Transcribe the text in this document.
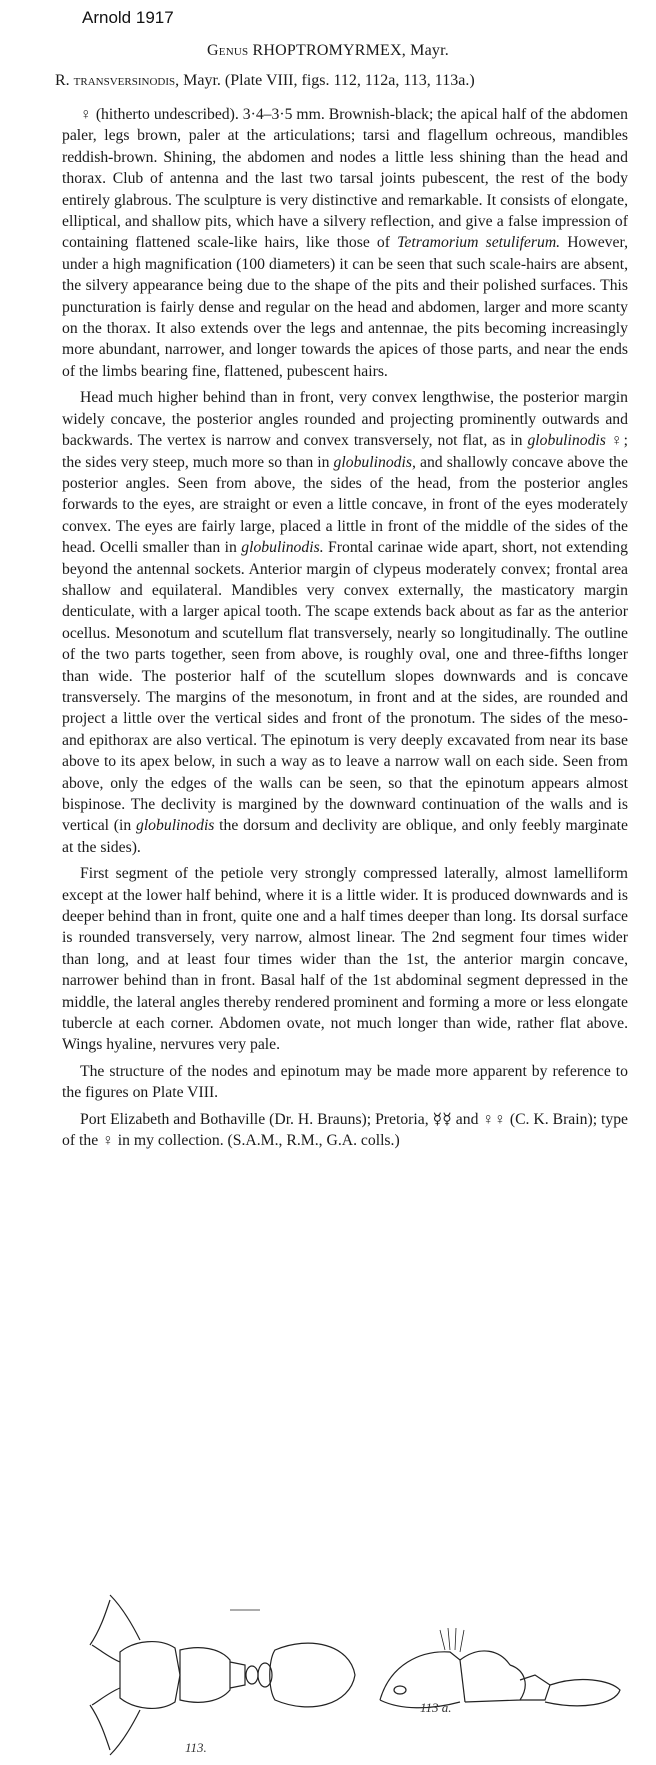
Arnold 1917
Genus RHOPTROMYRMEX, Mayr.
R. transversinodis, Mayr. (Plate VIII, figs. 112, 112a, 113, 113a.)

♀ (hitherto undescribed). 3·4–3·5 mm. Brownish-black; the apical half of the abdomen paler, legs brown, paler at the articulations; tarsi and flagellum ochreous, mandibles reddish-brown. Shining, the abdomen and nodes a little less shining than the head and thorax. Club of antenna and the last two tarsal joints pubescent, the rest of the body entirely glabrous. The sculpture is very distinctive and remarkable. It consists of elongate, elliptical, and shallow pits, which have a silvery reflection, and give a false impression of containing flattened scale-like hairs, like those of Tetramorium setuliferum. However, under a high magnification (100 diameters) it can be seen that such scale-hairs are absent, the silvery appearance being due to the shape of the pits and their polished surfaces. This puncturation is fairly dense and regular on the head and abdomen, larger and more scanty on the thorax. It also extends over the legs and antennae, the pits becoming increasingly more abundant, narrower, and longer towards the apices of those parts, and near the ends of the limbs bearing fine, flattened, pubescent hairs.

Head much higher behind than in front, very convex lengthwise, the posterior margin widely concave, the posterior angles rounded and projecting prominently outwards and backwards. The vertex is narrow and convex transversely, not flat, as in globulinodis ♀; the sides very steep, much more so than in globulinodis, and shallowly concave above the posterior angles. Seen from above, the sides of the head, from the posterior angles forwards to the eyes, are straight or even a little concave, in front of the eyes moderately convex. The eyes are fairly large, placed a little in front of the middle of the sides of the head. Ocelli smaller than in globulinodis. Frontal carinae wide apart, short, not extending beyond the antennal sockets. Anterior margin of clypeus moderately convex; frontal area shallow and equilateral. Mandibles very convex externally, the masticatory margin denticulate, with a larger apical tooth. The scape extends back about as far as the anterior ocellus. Mesonotum and scutellum flat transversely, nearly so longitudinally. The outline of the two parts together, seen from above, is roughly oval, one and three-fifths longer than wide. The posterior half of the scutellum slopes downwards and is concave transversely. The margins of the mesonotum, in front and at the sides, are rounded and project a little over the vertical sides and front of the pronotum. The sides of the meso- and epithorax are also vertical. The epinotum is very deeply excavated from near its base above to its apex below, in such a way as to leave a narrow wall on each side. Seen from above, only the edges of the walls can be seen, so that the epinotum appears almost bispinose. The declivity is margined by the downward continuation of the walls and is vertical (in globulinodis the dorsum and declivity are oblique, and only feebly marginate at the sides).

First segment of the petiole very strongly compressed laterally, almost lamelliform except at the lower half behind, where it is a little wider. It is produced downwards and is deeper behind than in front, quite one and a half times deeper than long. Its dorsal surface is rounded transversely, very narrow, almost linear. The 2nd segment four times wider than long, and at least four times wider than the 1st, the anterior margin concave, narrower behind than in front. Basal half of the 1st abdominal segment depressed in the middle, the lateral angles thereby rendered prominent and forming a more or less elongate tubercle at each corner. Abdomen ovate, not much longer than wide, rather flat above. Wings hyaline, nervures very pale.

The structure of the nodes and epinotum may be made more apparent by reference to the figures on Plate VIII.

Port Elizabeth and Bothaville (Dr. H. Brauns); Pretoria, ☿☿ and ♀♀ (C. K. Brain); type of the ♀ in my collection. (S.A.M., R.M., G.A. colls.)

113.
113 a.
